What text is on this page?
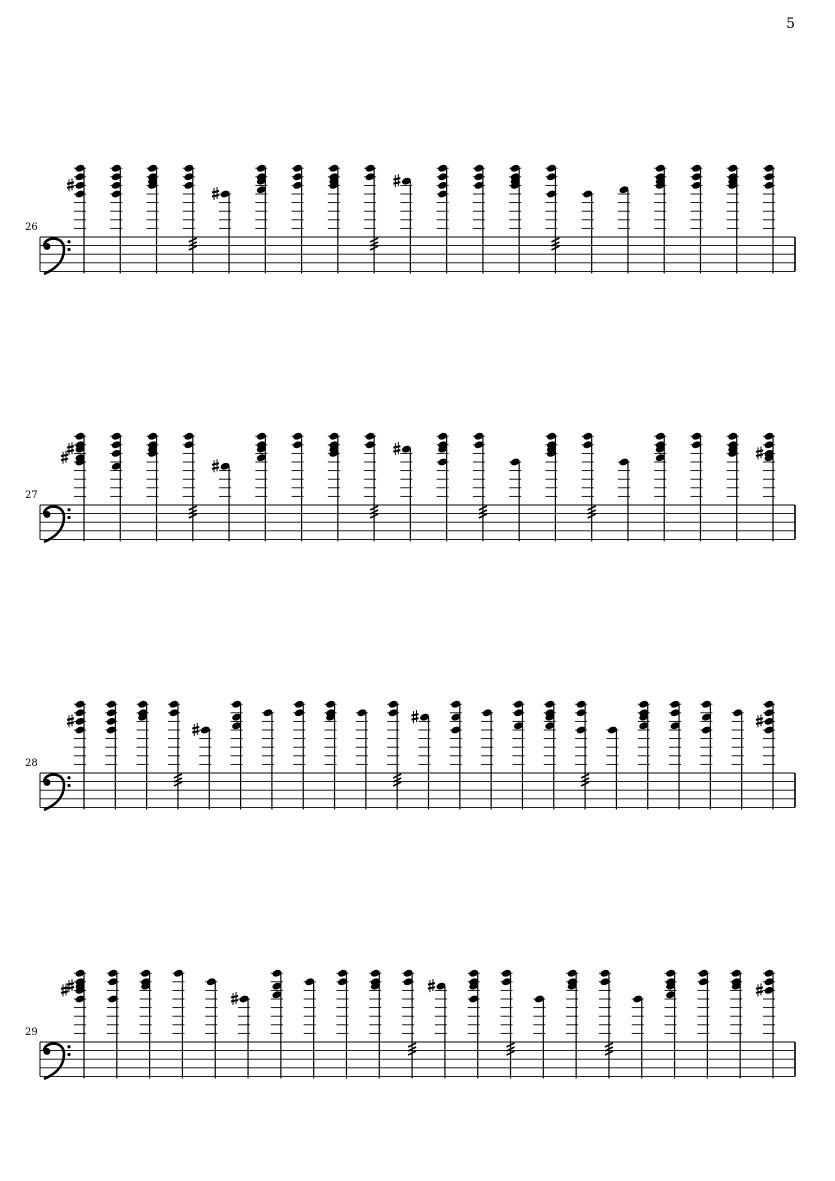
5
26
27
28
29
